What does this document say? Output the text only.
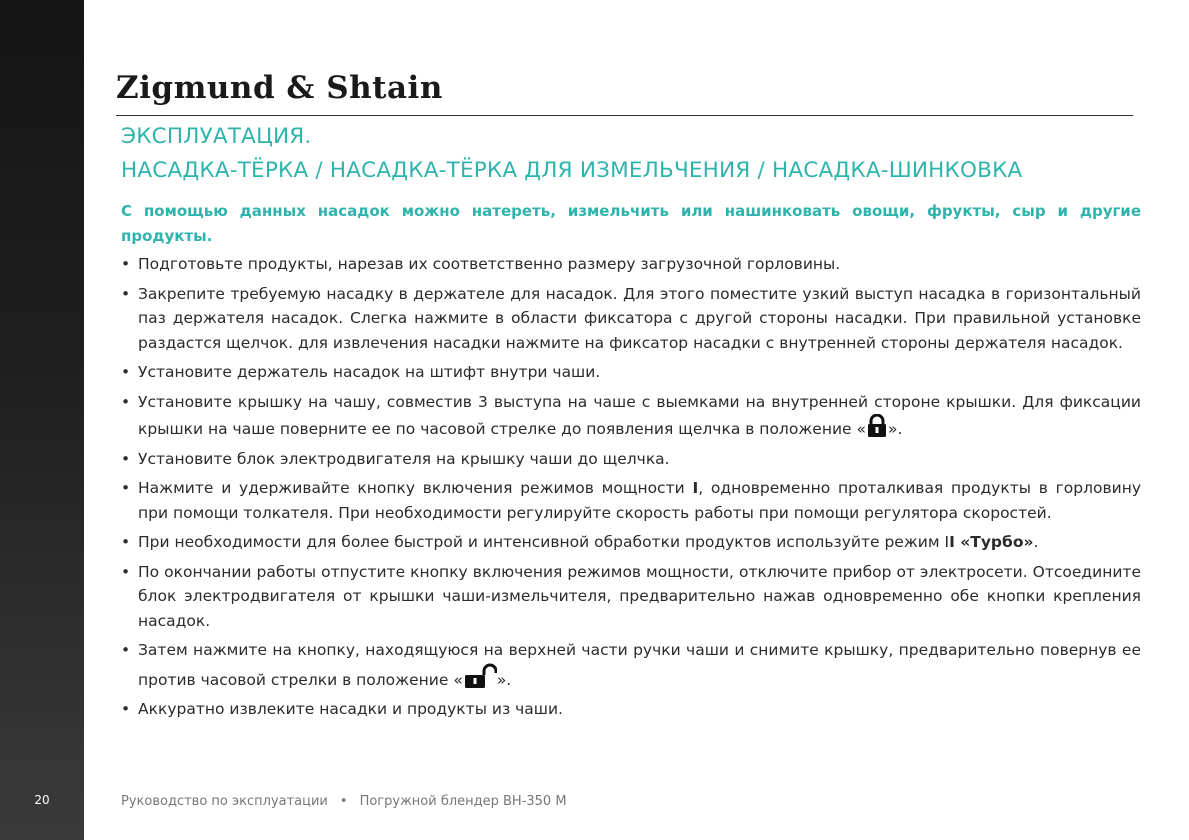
20
Zigmund & Shtain
ЭКСПЛУАТАЦИЯ.
НАСАДКА-ТЁРКА / НАСАДКА-ТЁРКА ДЛЯ ИЗМЕЛЬЧЕНИЯ / НАСАДКА-ШИНКОВКА
С помощью данных насадок можно натереть, измельчить или нашинковать овощи, фрукты, сыр и другие продукты.
• Подготовьте продукты, нарезав их соответственно размеру загрузочной горловины.
• Закрепите требуемую насадку в держателе для насадок. Для этого поместите узкий выступ насадка в горизонтальный паз держателя насадок. Слегка нажмите в области фиксатора с другой стороны насадки. При правильной установке раздастся щелчок. для извлечения насадки нажмите на фиксатор насадки с внутренней стороны держателя насадок.
• Установите держатель насадок на штифт внутри чаши.
• Установите крышку на чашу, совместив 3 выступа на чаше с выемками на внутренней стороне крышки. Для фиксации крышки на чаше поверните ее по часовой стрелке до появления щелчка в положение « ».
• Установите блок электродвигателя на крышку чаши до щелчка.
• Нажмите и удерживайте кнопку включения режимов мощности I, одновременно проталкивая продукты в горловину при помощи толкателя. При необходимости регулируйте скорость работы при помощи регулятора скоростей.
• При необходимости для более быстрой и интенсивной обработки продуктов используйте режим II «Турбо».
• По окончании работы отпустите кнопку включения режимов мощности, отключите прибор от электросети. Отсоедините блок электродвигателя от крышки чаши-измельчителя, предварительно нажав одновременно обе кнопки крепления насадок.
• Затем нажмите на кнопку, находящуюся на верхней части ручки чаши и снимите крышку, предварительно повернув ее против часовой стрелки в положение « ».
• Аккуратно извлеките насадки и продукты из чаши.
Руководство по эксплуатации • Погружной блендер BH-350 M
